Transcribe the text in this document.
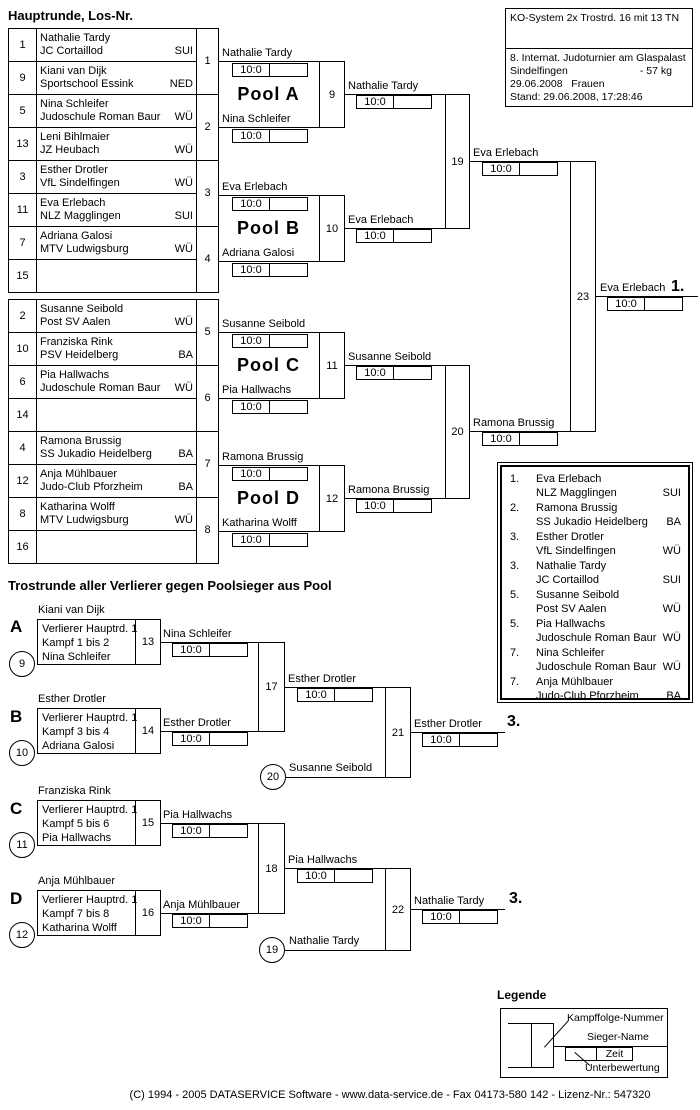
Hauptrunde, Los-Nr.	KO-System 2x Trostrd. 16 mit 13 TN
8. Internat. Judoturnier am Glaspalast
Sindelfingen	- 57 kg
29.06.2008   Frauen
Stand: 29.06.2008, 17:28:46
1	Nathalie Tardy
JC Cortaillod SUI	1
9	Kiani van Dijk
Sportschool Essink NED	

5	Nina Schleifer
Judoschule Roman Baur WÜ	2
13	Leni Bihlmaier
JZ Heubach WÜ	

3	Esther Drotler
VfL Sindelfingen WÜ	3
11	Eva Erlebach
NLZ Magglingen SUI	

7	Adriana Galosi
MTV Ludwigsburg WÜ	4
15		
2	Susanne Seibold
Post SV Aalen WÜ	5
10	Franziska Rink
PSV Heidelberg BA	

6	Pia Hallwachs
Judoschule Roman Baur WÜ	6
14		

4	Ramona Brussig
SS Jukadio Heidelberg BA	7
12	Anja Mühlbauer
Judo-Club Pforzheim BA	

8	Katharina Wolff
MTV Ludwigsburg WÜ	8
16		
Nathalie Tardy
9
10:0
Pool A
Nina Schleifer
10:0
Nathalie Tardy
10:0
Eva Erlebach
10
10:0
Pool B
Adriana Galosi
10:0
Eva Erlebach
10:0
Susanne Seibold
11
10:0
Pool C
Pia Hallwachs
10:0
Susanne Seibold
10:0
Ramona Brussig
12
10:0
Pool D
Katharina Wolff
10:0
Ramona Brussig
10:0
19
Eva Erlebach
10:0
20
Ramona Brussig
10:0
23
Eva Erlebach 1.
10:0
1.	Eva Erlebach
NLZ Magglingen	SUI
2.	Ramona Brussig
SS Jukadio Heidelberg BA
3.	Esther Drotler
VfL Sindelfingen	WÜ
3.	Nathalie Tardy
JC Cortaillod	SUI
5.	Susanne Seibold
Post SV Aalen	WÜ
5.	Pia Hallwachs
Judoschule Roman Baur WÜ
7.	Nina Schleifer
Judoschule Roman Baur WÜ
7.	Anja Mühlbauer
Judo-Club Pforzheim	BA
Trostrunde aller Verlierer gegen Poolsieger aus Pool
A
Kiani van Dijk
Verlierer Hauptrd. 1
Kampf 1 bis 2
Nina Schleifer
13
9
Nina Schleifer
10:0
B
Esther Drotler
Verlierer Hauptrd. 1
Kampf 3 bis 4
Adriana Galosi
14
10
Esther Drotler
10:0
17
Esther Drotler
10:0
20
Susanne Seibold
21
Esther Drotler 3.
10:0
C
Franziska Rink
Verlierer Hauptrd. 1
Kampf 5 bis 6
Pia Hallwachs
15
11
Pia Hallwachs
10:0
D
Anja Mühlbauer
Verlierer Hauptrd. 1
Kampf 7 bis 8
Katharina Wolff
16
12
Anja Mühlbauer
10:0
18
Pia Hallwachs
10:0
19
Nathalie Tardy
22
Nathalie Tardy 3.
10:0
Legende
Kampffolge-Nummer
Sieger-Name
Zeit
Unterbewertung
(C) 1994 - 2005 DATASERVICE Software - www.data-service.de - Fax 04173-580 142 - Lizenz-Nr.: 547320
